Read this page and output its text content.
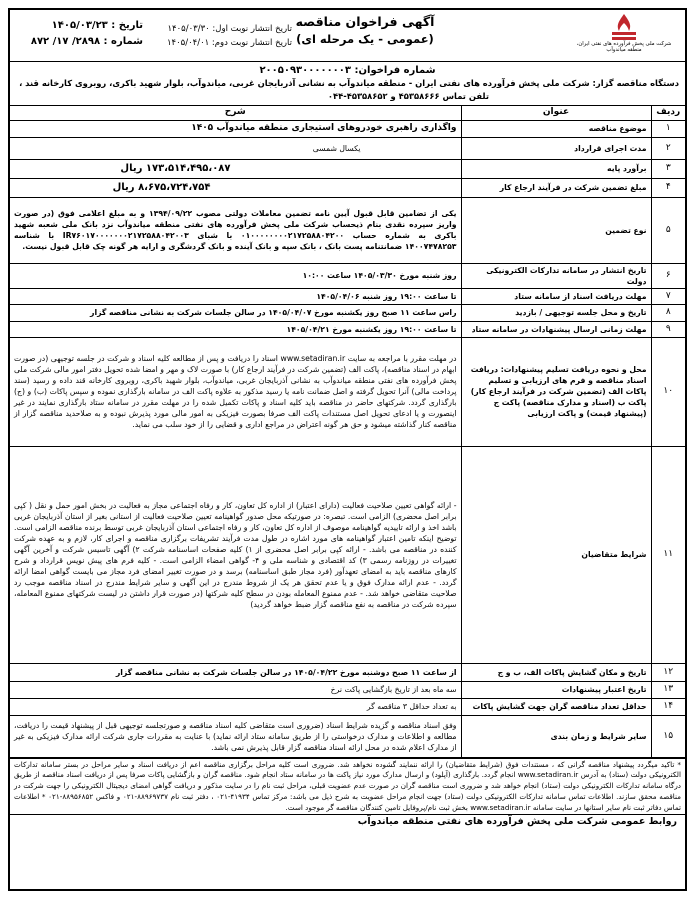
شرکت ملی پخش فرآورده های نفتی ایران، منطقه میاندوآب
آگهی فراخوان مناقصه
(عمومی - یک مرحله ای)
تاریخ انتشار نوبت اول: ۱۴۰۵/۰۳/۳۰
تاریخ انتشار نوبت دوم: ۱۴۰۵/۰۴/۰۱
تاریخ : ۱۴۰۵/۰۳/۲۳
شماره : ۲۸۹۸/ ۱۷/ ۸۷۲
شماره فراخوان: ۲۰۰۵۰۹۳۰۰۰۰۰۰۰۳
دستگاه مناقصه گزار: شرکت ملی پخش فرآورده های نفتی ایران - منطقه میاندوآب به نشانی آذربایجان غربی، میاندوآب، بلوار شهید باکری، روبروی کارخانه قند ،
تلفن تماس ۴۵۳۵۸۶۶۶ و ۴۵۳۵۸۶۵۲-۰۴۴
ردیف	عنوان	شرح
۱	موضوع مناقصه	واگذاری راهبری خودروهای استیجاری منطقه میاندوآب ۱۴۰۵
۲	مدت اجرای قرارداد	یکسال شمسی
۳	برآورد پایه	۱۷۳،۵۱۴،۴۹۵،۰۸۷ ریال
۴	مبلغ تضمین شرکت در فرآیند ارجاع کار	۸،۶۷۵،۷۲۴،۷۵۴ ریال
۵	نوع تضمین	یکی از تضامین قابل قبول آیین نامه تضمین معاملات دولتی مصوب ۱۳۹۴/۰۹/۲۲ و به مبلغ اعلامی فوق (در صورت واریز سپرده نقدی بنام ذیحساب شرکت ملی پخش فرآورده های نفتی منطقه میاندوآب نزد بانک ملی شعبه شهید باکری به شماره حساب ۰۱۰۰۰۰۰۰۰۰۲۱۷۲۵۸۸۰۴۲۰۰ با شبای IR۷۶۰۱۷۰۰۰۰۰۰۰۲۱۷۲۵۸۸۰۴۲۰۰۳ با شناسه ۱۴۰۰۷۴۷۸۲۵۳ ضمانتنامه پست بانک ، بانک سپه و بانک آینده و بانک گردشگری و ارایه هر گونه چک قابل قبول نیست.
۶	تاریخ انتشار در سامانه تدارکات الکترونیکی دولت	روز شنبه مورخ ۱۴۰۵/۰۳/۳۰ ساعت ۱۰:۰۰
۷	مهلت دریافت اسناد از سامانه ستاد	تا ساعت ۱۹:۰۰ روز شنبه ۱۴۰۵/۰۴/۰۶
۸	تاریخ و محل جلسه توجیهی / بازدید	راس ساعت ۱۱ صبح روز یکشنبه مورخ ۱۴۰۵/۰۴/۰۷ در سالن جلسات شرکت به نشانی مناقصه گزار
۹	مهلت زمانی ارسال پیشنهادات در سامانه ستاد	تا ساعت ۱۹:۰۰ روز یکشنبه مورخ ۱۴۰۵/۰۴/۲۱
۱۰	محل و نحوه دریافت تسلیم پیشنهادات: دریافت اسناد مناقصه و فرم های ارزیابی و تسلیم پاکات الف (تضمین شرکت در فرآیند ارجاع کار) پاکت ب (اسناد و مدارک مناقصه) پاکت ج (پیشنهاد قیمت) و پاکت ارزیابی	در مهلت مقرر با مراجعه به سایت www.setadiran.ir اسناد را دریافت و پس از مطالعه کلیه اسناد و شرکت در جلسه توجیهی (در صورت ابهام در اسناد مناقصه)، پاکت الف (تضمین شرکت در فرآیند ارجاع کار) با صورت لاک و مهر و امضا شده تحویل دفتر امور مالی شرکت ملی پخش فرآورده های نفتی منطقه میاندوآب به نشانی آذربایجان غربی، میاندوآب، بلوار شهید باکری، روبروی کارخانه قند داده و رسید (سند پرداخت مالی) آنرا تحویل گرفته و اصل ضمانت نامه یا رسید مذکور به علاوه پاکت الف در سامانه بارگذاری نموده و سپس پاکات (ب) و (ج) بارگذاری گردد. شرکتهای حاضر در مناقصه باید کلیه اسناد و پاکات تکمیل شده را در مهلت مقرر در سامانه ستاد بارگذاری نمایند در غیر اینصورت و یا ادعای تحویل اصل مستندات پاکت الف صرفا بصورت فیزیکی به امور مالی مورد پذیرش نبوده و به صلاحدید مناقصه گزار از مناقصه کنار گذاشته میشود و حق هر گونه اعتراض در مراجع اداری و قضایی را از خود سلب می نماید.
۱۱	شرایط متقاضیان	- ارائه گواهی تعیین صلاحیت فعالیت (دارای اعتبار) از اداره کل تعاون، کار و رفاه اجتماعی مجاز به فعالیت در بخش امور حمل و نقل ( کپی برابر اصل محضری) الزامی است. تبصره: در صورتیکه محل صدور گواهینامه تعیین صلاحیت فعالیت از استانی بغیر از استان آذربایجان غربی باشد اخذ و ارائه تاییدیه گواهینامه موصوف از اداره کل تعاون، کار و رفاه اجتماعی استان آذربایجان غربی توسط برنده مناقصه الزامی است. توضیح اینکه تامین اعتبار گواهینامه های مورد اشاره در طول مدت فرآیند تشریفات برگزاری مناقصه و اجرای کار، لازم و به عهده شرکت کننده در مناقصه می باشد. - ارائه کپی برابر اصل محضری از ۱) کلیه صفحات اساسنامه شرکت ۲) آگهی تاسیس شرکت و آخرین آگهی تغییرات در روزنامه رسمی ۳) کد اقتصادی و شناسه ملی و ۴- گواهی امضاء الزامی است. - کلیه فرم های پیش نویس قرارداد و شرح کارهای مناقصه باید به امضای تعهدآور (فرد مجاز طبق اساسنامه) برسد و در صورت تغییر امضای فرد مجاز می بایست گواهی امضا ارائه گردد. - عدم ارائه مدارک فوق و یا عدم تحقق هر یک از شروط مندرج در این آگهی و سایر شرایط مندرج در اسناد مناقصه موجب رد صلاحیت متقاضی خواهد شد. - عدم ممنوع المعامله بودن در سطح کلیه شرکتها (در صورت قرار داشتن در لیست شرکتهای ممنوع المعامله، سپرده شرکت در مناقصه به نفع مناقصه گزار ضبط خواهد گردید)
۱۲	تاریخ و مکان گشایش پاکات الف، ب و ج	از ساعت ۱۱ صبح دوشنبه مورخ ۱۴۰۵/۰۴/۲۲ در سالن جلسات شرکت به نشانی مناقصه گزار
۱۳	تاریخ اعتبار پیشنهادات	سه ماه بعد از تاریخ بازگشایی پاکت نرخ
۱۴	حداقل تعداد مناقصه گران جهت گشایش پاکات	به تعداد حداقل ۳ مناقصه گر
۱۵	سایر شرایط و زمان بندی	وفق اسناد مناقصه و گزیده شرایط اسناد (ضروری است متقاضی کلیه اسناد مناقصه و صورتجلسه توجیهی قبل از پیشنهاد قیمت را دریافت، مطالعه و اطلاعات و مدارک درخواستی را از طریق سامانه ستاد ارائه نماید) با عنایت به مقررات جاری شرکت ارائه مدارک فیزیکی به غیر از مدارک اعلام شده در محل ارائه اسناد مناقصه گزار قابل پذیرش نمی باشد.
* تاکید میگردد پیشنهاد مناقصه گرانی که ، مستندات فوق (شرایط متقاضیان) را ارائه ننمایند گشوده نخواهد شد. ضروری است کلیه مراحل برگزاری مناقصه اعم از دریافت اسناد و سایر مراحل در بستر سامانه تدارکات الکترونیکی دولت (ستاد) به آدرس www.setadiran.ir انجام گردد. بارگذاری (آپلود) و ارسال مدارک مورد نیاز پاکت ها در سامانه ستاد انجام شود. مناقصه گران و بازگشایی پاکات صرفا پس از دریافت اسناد مناقصه از طریق درگاه سامانه تدارکات الکترونیکی دولت (ستاد) انجام خواهد شد و ضروری است مناقصه گران در صورت عدم عضویت قبلی، مراحل ثبت نام را در سایت مذکور و دریافت گواهی امضای دیجیتال الکترونیکی را جهت شرکت در مناقصه محقق سازند. اطلاعات تماس سامانه تدارکات الکترونیکی دولت (ستاد) جهت انجام مراحل عضویت به شرح ذیل می باشد: مرکز تماس ۴۱۹۳۴-۰۲۱ ، دفتر ثبت نام ۸۸۹۶۹۷۳۷-۰۲۱ و فاکس ۸۸۹۵۶۸۵۲-۰۲۱ * اطلاعات تماس دفاتر ثبت نام سایر استانها در سایت سامانه www.setadiran.ir بخش ثبت نام/پروفایل تامین کنندگان مناقصه گر موجود است.
روابط عمومی شرکت ملی پخش فرآورده های نفتی منطقه میاندوآب
